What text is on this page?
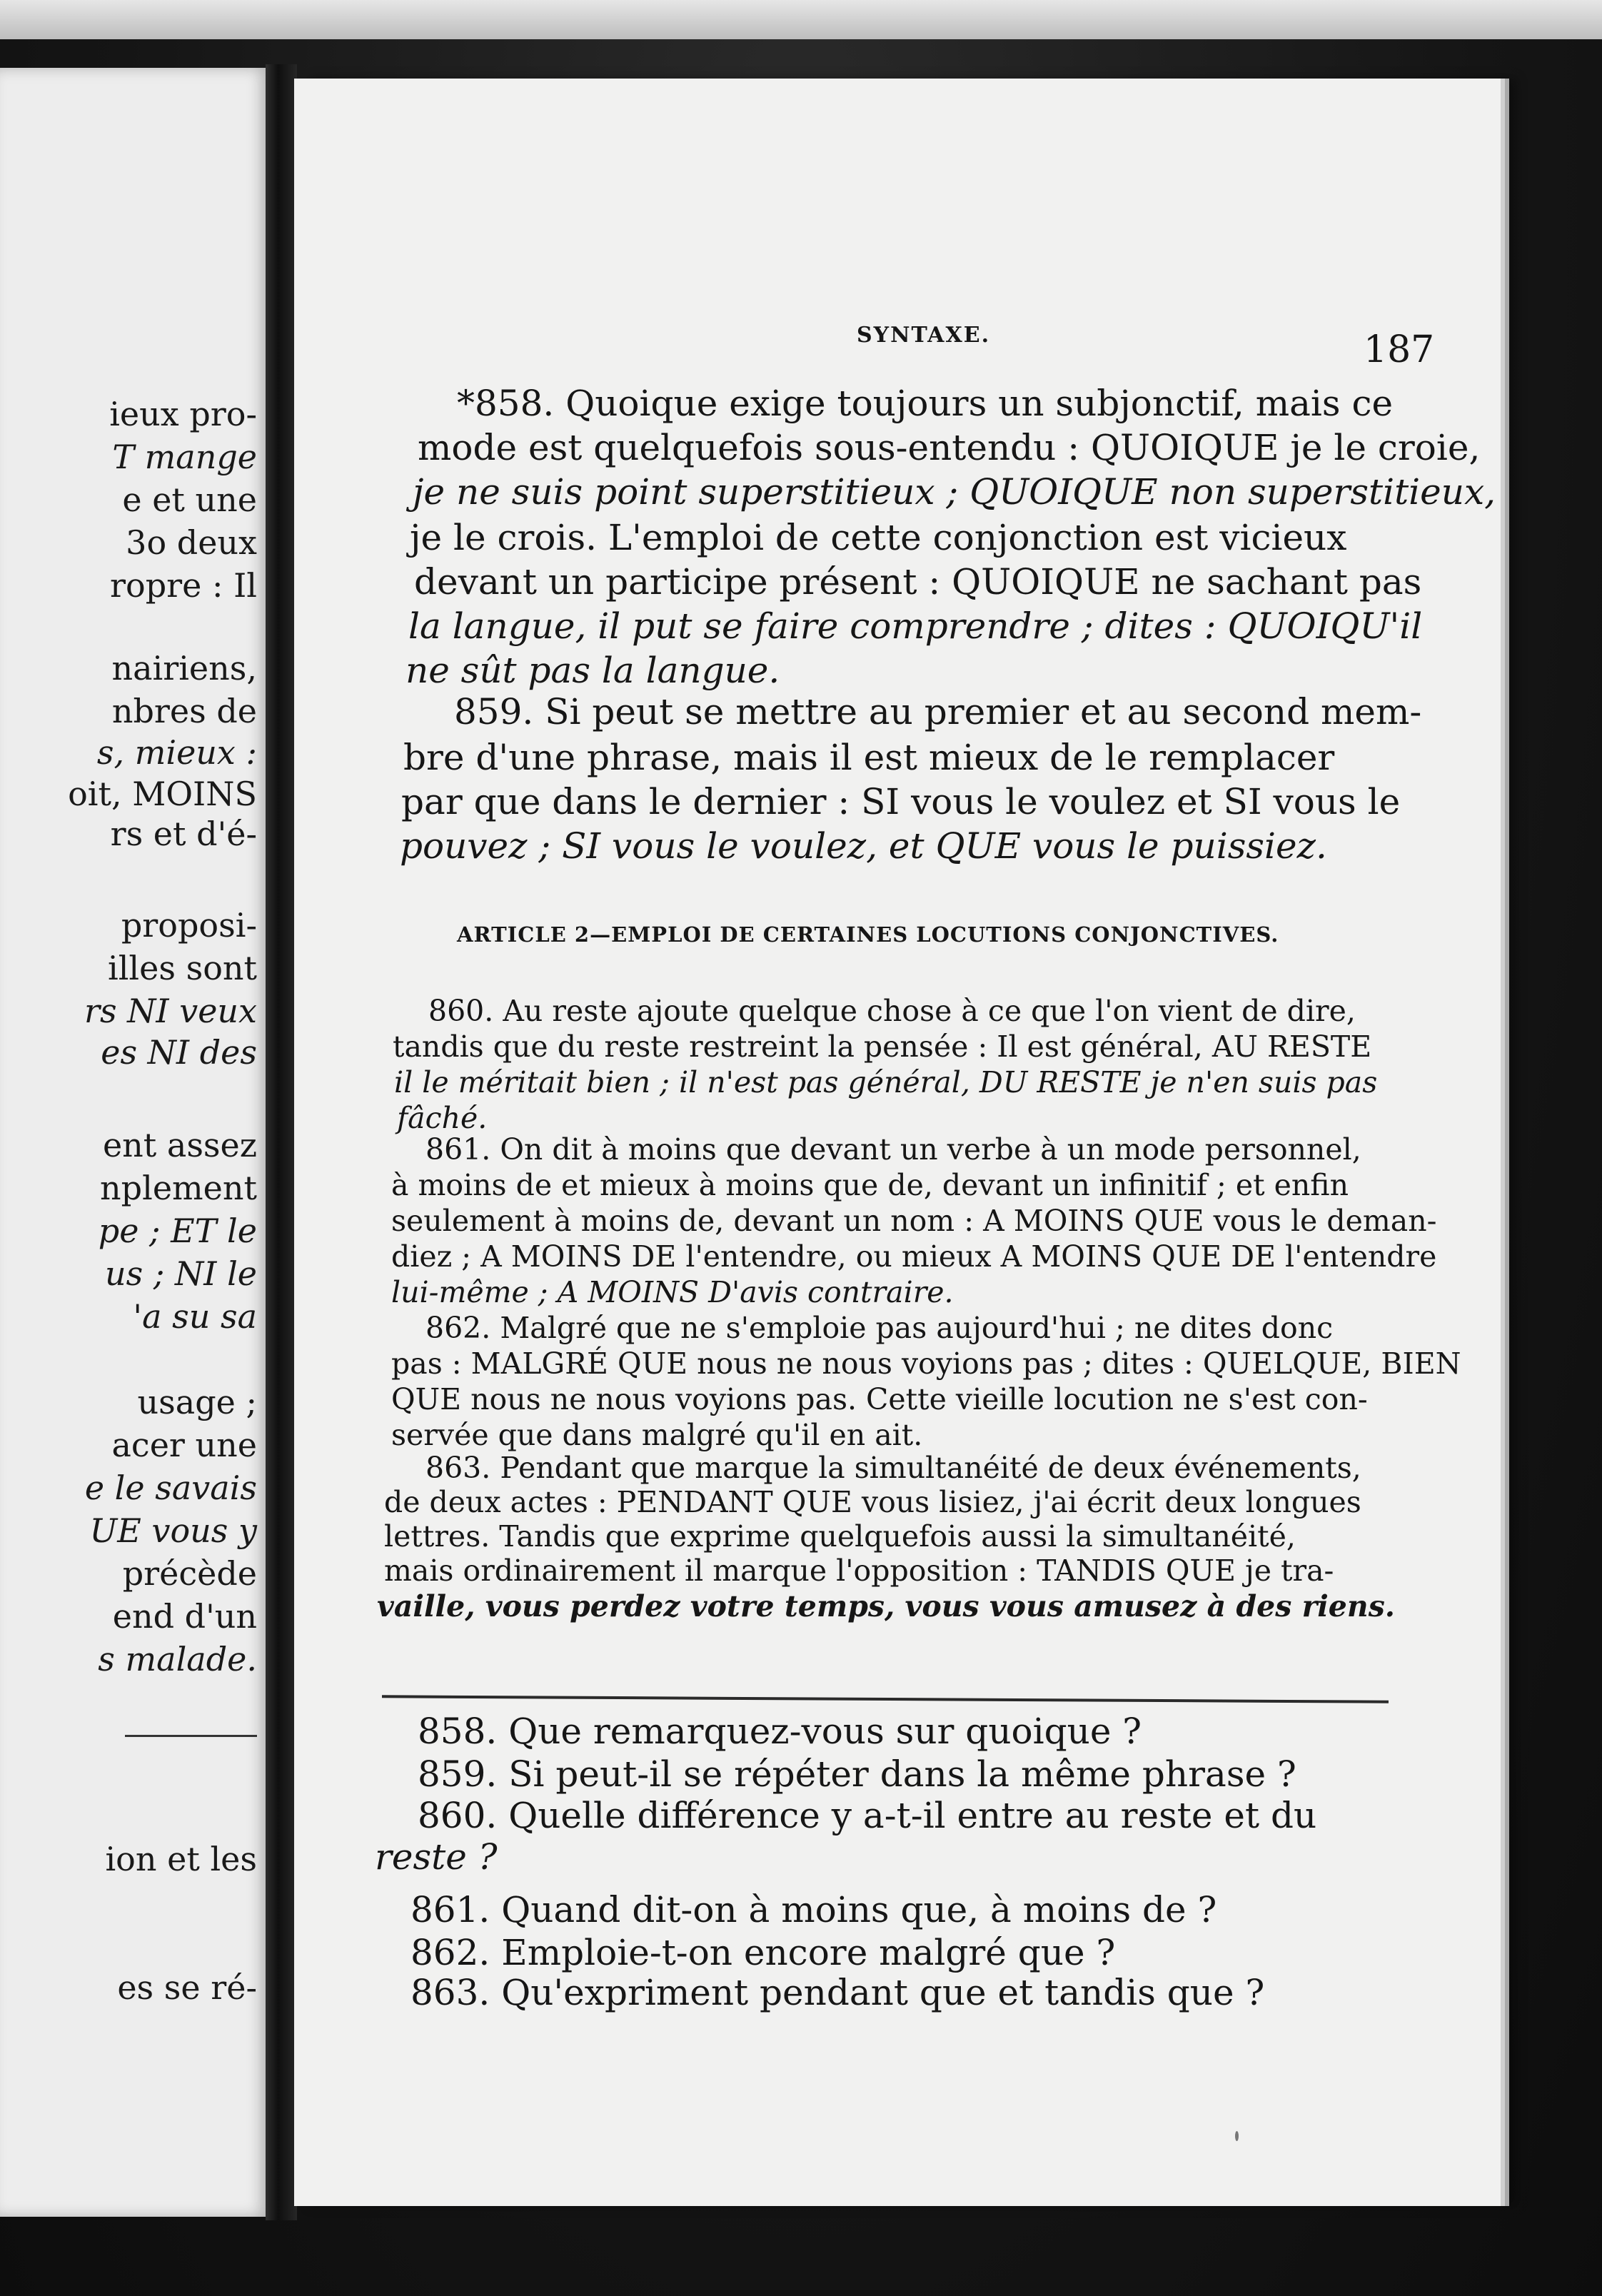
ieux pro-
T mange
e et une
3o deux
ropre : Il
nairiens,
nbres de
s, mieux :
oit, MOINS
rs et d'é-
proposi-
illes sont
rs NI veux
es NI des
ent assez
nplement
pe ; ET le
us ; NI le
'a su sa
usage ;
acer une
e le savais
UE vous y
précède
end d'un
s malade.
ion et les
es se ré-
SYNTAXE.	187
*858. Quoique exige toujours un subjonctif, mais ce
mode est quelquefois sous-entendu : QUOIQUE je le croie,
je ne suis point superstitieux ; QUOIQUE non superstitieux,
je le crois. L'emploi de cette conjonction est vicieux
devant un participe présent : QUOIQUE ne sachant pas
la langue, il put se faire comprendre ; dites : QUOIQU'il
ne sût pas la langue.
859. Si peut se mettre au premier et au second mem-
bre d'une phrase, mais il est mieux de le remplacer
par que dans le dernier : SI vous le voulez et SI vous le
pouvez ; SI vous le voulez, et QUE vous le puissiez.
ARTICLE 2—EMPLOI DE CERTAINES LOCUTIONS CONJONCTIVES.
860. Au reste ajoute quelque chose à ce que l'on vient de dire,
tandis que du reste restreint la pensée : Il est général, AU RESTE
il le méritait bien ; il n'est pas général, DU RESTE je n'en suis pas
fâché.
861. On dit à moins que devant un verbe à un mode personnel,
à moins de et mieux à moins que de, devant un infinitif ; et enfin
seulement à moins de, devant un nom : A MOINS QUE vous le deman-
diez ; A MOINS DE l'entendre, ou mieux A MOINS QUE DE l'entendre
lui-même ; A MOINS D'avis contraire.
862. Malgré que ne s'emploie pas aujourd'hui ; ne dites donc
pas : MALGRÉ QUE nous ne nous voyions pas ; dites : QUELQUE, BIEN
QUE nous ne nous voyions pas. Cette vieille locution ne s'est con-
servée que dans malgré qu'il en ait.
863. Pendant que marque la simultanéité de deux événements,
de deux actes : PENDANT QUE vous lisiez, j'ai écrit deux longues
lettres. Tandis que exprime quelquefois aussi la simultanéité,
mais ordinairement il marque l'opposition : TANDIS QUE je tra-
vaille, vous perdez votre temps, vous vous amusez à des riens.
858. Que remarquez-vous sur quoique ?
859. Si peut-il se répéter dans la même phrase ?
860. Quelle différence y a-t-il entre au reste et du
reste ?
861. Quand dit-on à moins que, à moins de ?
862. Emploie-t-on encore malgré que ?
863. Qu'expriment pendant que et tandis que ?
